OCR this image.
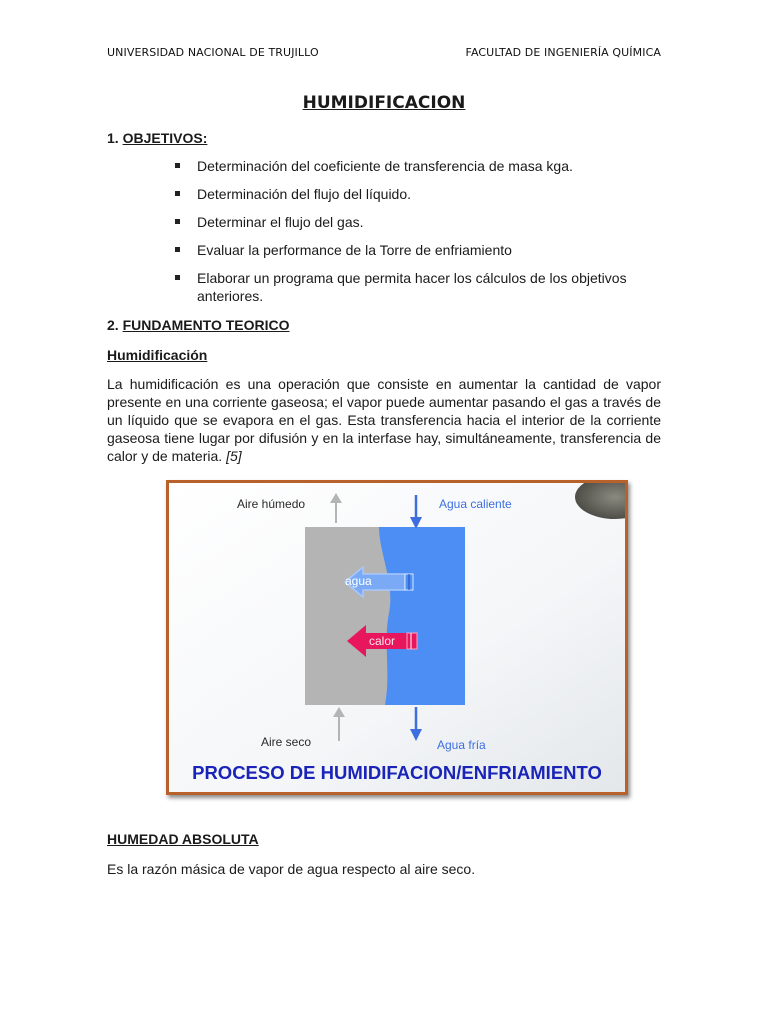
UNIVERSIDAD NACIONAL DE TRUJILLO	FACULTAD DE INGENIERÍA QUÍMICA
HUMIDIFICACION
1. OBJETIVOS:
Determinación del coeficiente de transferencia de masa kga.
Determinación del flujo del líquido.
Determinar el flujo del gas.
Evaluar la performance de la Torre de enfriamiento
Elaborar un programa que permita hacer los cálculos de los objetivos anteriores.
2. FUNDAMENTO TEORICO
Humidificación

La humidificación es una operación que consiste en aumentar la cantidad de vapor presente en una corriente gaseosa; el vapor puede aumentar pasando el gas a través de un líquido que se evapora en el gas. Esta transferencia hacia el interior de la corriente gaseosa tiene lugar por difusión y en la interfase hay, simultáneamente, transferencia de calor y de materia. [5]

agua
calor
Aire húmedo	Agua caliente
Aire seco	Agua fría
PROCESO DE HUMIDIFACION/ENFRIAMIENTO
HUMEDAD ABSOLUTA

Es la razón másica de vapor de agua respecto al aire seco.
